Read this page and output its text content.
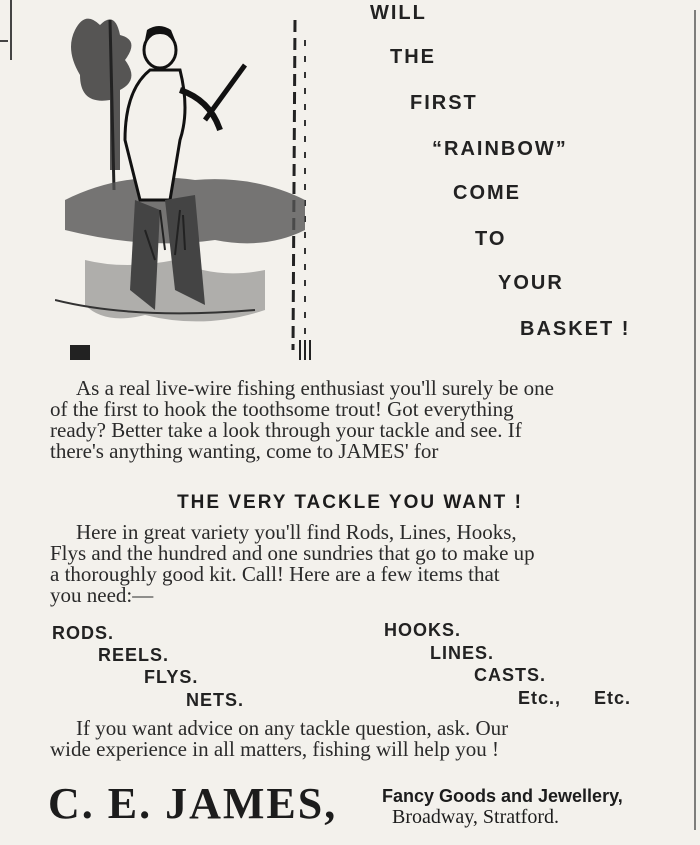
WILL
THE
FIRST
“RAINBOW”
COME
TO
YOUR
BASKET !
As a real live-wire fishing enthusiast you'll surely be one
of the first to hook the toothsome trout! Got everything
ready? Better take a look through your tackle and see. If
there's anything wanting, come to JAMES' for
THE VERY TACKLE YOU WANT !
Here in great variety you'll find Rods, Lines, Hooks,
Flys and the hundred and one sundries that go to make up
a thoroughly good kit. Call! Here are a few items that
you need:—
RODS.
REELS.
FLYS.
NETS.
HOOKS.
LINES.
CASTS.
Etc., Etc.
If you want advice on any tackle question, ask. Our
wide experience in all matters, fishing will help you !
C. E. JAMES, Fancy Goods and Jewellery,
Broadway, Stratford.
